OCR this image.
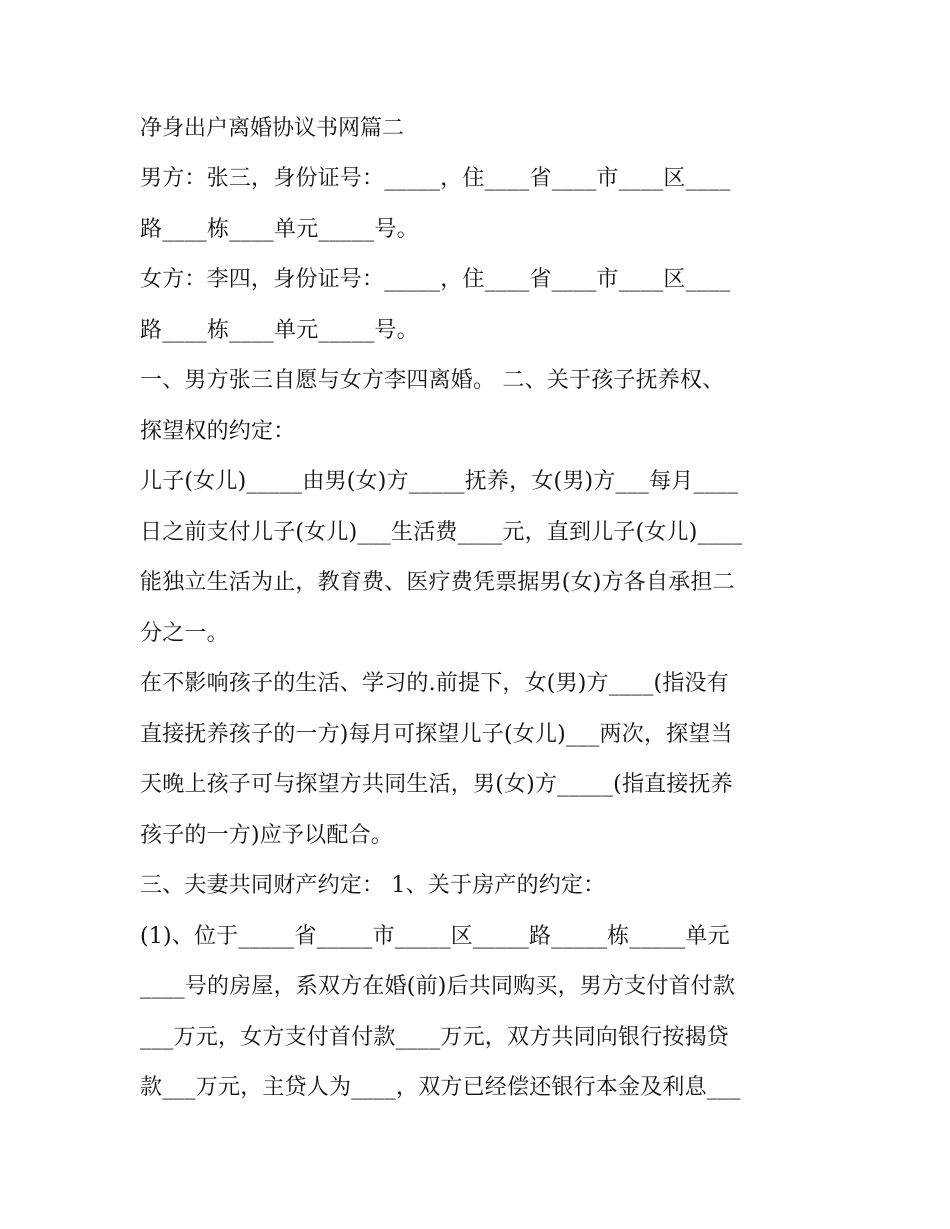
净身出户离婚协议书网篇二
男方：张三，身份证号：_____，住____省____市____区____
路____栋____单元_____号。
女方：李四，身份证号：_____，住____省____市____区____
路____栋____单元_____号。
一、男方张三自愿与女方李四离婚。 二、关于孩子抚养权、
探望权的约定：
儿子(女儿)_____由男(女)方_____抚养，女(男)方___每月____
日之前支付儿子(女儿)___生活费____元，直到儿子(女儿)____
能独立生活为止，教育费、医疗费凭票据男(女)方各自承担二
分之一。
在不影响孩子的生活、学习的.前提下，女(男)方____(指没有
直接抚养孩子的一方)每月可探望儿子(女儿)___两次，探望当
天晚上孩子可与探望方共同生活，男(女)方_____(指直接抚养
孩子的一方)应予以配合。
三、夫妻共同财产约定： 1、关于房产的约定：
(1)、位于_____省_____市_____区_____路_____栋_____单元
____号的房屋，系双方在婚(前)后共同购买，男方支付首付款
___万元，女方支付首付款____万元，双方共同向银行按揭贷
款___万元，主贷人为____，双方已经偿还银行本金及利息___
